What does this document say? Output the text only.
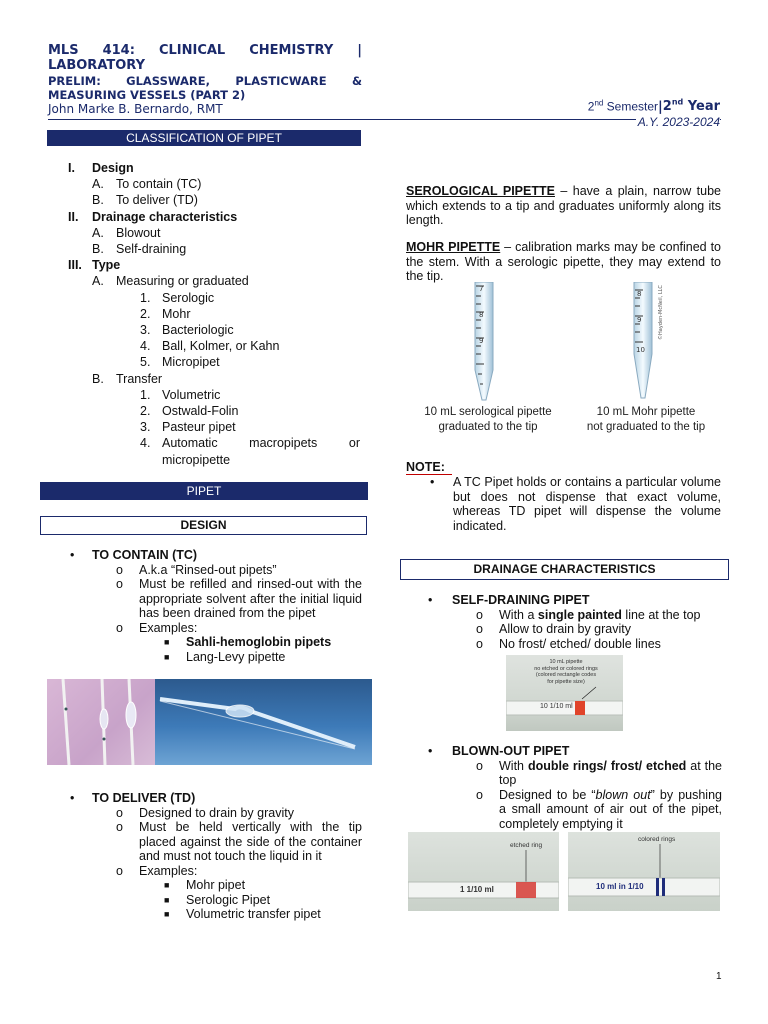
MLS 414: CLINICAL CHEMISTRY |
LABORATORY
PRELIM: GLASSWARE, PLASTICWARE &
MEASURING VESSELS (PART 2)
John Marke B. Bernardo, RMT	2nd Semester|2nd Year
A.Y. 2023-2024
CLASSIFICATION OF PIPET
I. Design
A. To contain (TC)
B. To deliver (TD)
II. Drainage characteristics
A. Blowout
B. Self-draining
III. Type
A. Measuring or graduated
1. Serologic
2. Mohr
3. Bacteriologic
4. Ball, Kolmer, or Kahn
5. Micropipet
B. Transfer
1. Volumetric
2. Ostwald-Folin
3. Pasteur pipet
4. Automatic macropipets or micropipette
PIPET
DESIGN
• TO CONTAIN (TC)
o A.k.a “Rinsed-out pipets”
o Must be refilled and rinsed-out with the appropriate solvent after the initial liquid has been drained from the pipet
o Examples:
■ Sahli-hemoglobin pipets
■ Lang-Levy pipette
• TO DELIVER (TD)
o Designed to drain by gravity
o Must be held vertically with the tip placed against the side of the container and must not touch the liquid in it
o Examples:
■ Mohr pipet
■ Serologic Pipet
■ Volumetric transfer pipet
SEROLOGICAL PIPETTE – have a plain, narrow tube which extends to a tip and graduates uniformly along its length.
MOHR PIPETTE – calibration marks may be confined to the stem. With a serologic pipette, they may extend to the tip.
7
8
9
8
9
10
©Hayden-McNeil, LLC
10 mL serological pipette
graduated to the tip
10 mL Mohr pipette
not graduated to the tip
NOTE:
• A TC Pipet holds or contains a particular volume but does not dispense that exact volume, whereas TD pipet will dispense the volume indicated.
DRAINAGE CHARACTERISTICS
• SELF-DRAINING PIPET
o With a single painted line at the top
o Allow to drain by gravity
o No frost/ etched/ double lines
10 mL pipette
no etched or colored rings
(colored rectangle codes
for pipette size)
10 1/10 ml
• BLOWN-OUT PIPET
o With double rings/ frost/ etched at the top
o Designed to be “blown out” by pushing a small amount of air out of the pipet, completely emptying it
etched ring
1 1/10 ml
colored rings
10 ml in 1/10
1
